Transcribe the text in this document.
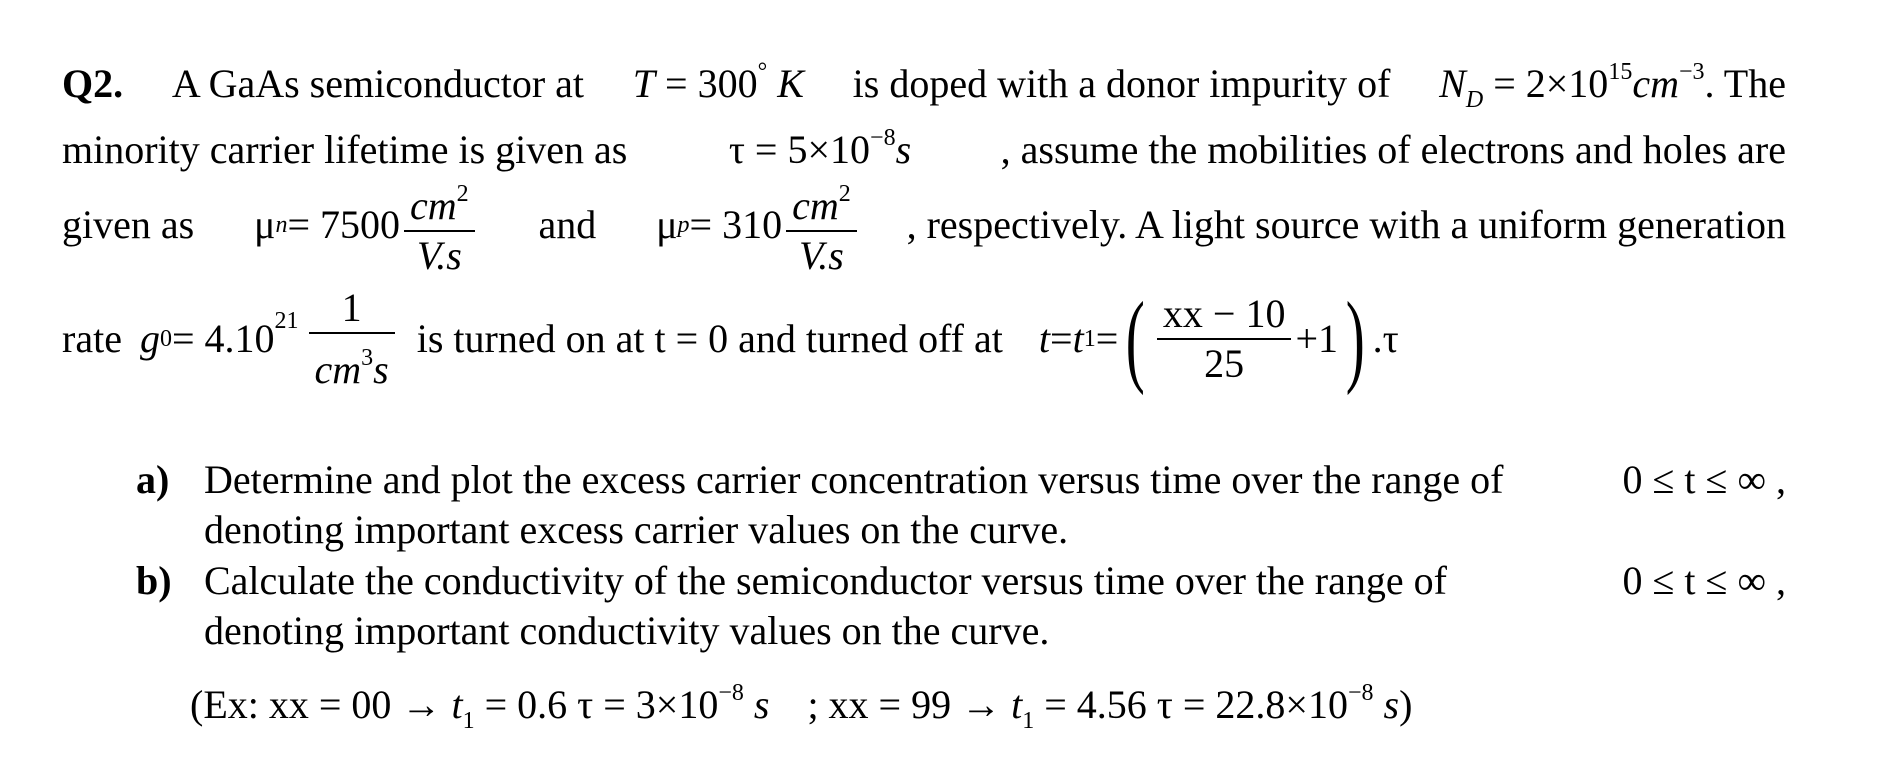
Q2. A GaAs semiconductor at T = 300° K is doped with a donor impurity of $N_D = 2\times 10^{15}cm^{-3}$. The
minority carrier lifetime is given as	$\tau = 5\times 10^{-8}s$ , assume the mobilities of electrons and holes are
given as μ $n = 7500 \frac{cm^2}{V.s}$ and μ $p = 310 \frac{cm^2}{V.s}$ , respectively. A light source with a uniform generation
rate g 0 = 4.10 $21 \frac{1}{cm^3s}$ is turned on at t = 0 and turned off at t = t 1 = ( $\frac{xx - 10}{25} +1$ ) .τ
a) Determine and plot the excess carrier concentration versus time over the range of	0 ≤ t ≤ ∞ ,
denoting important excess carrier values on the curve.
b) Calculate the conductivity of the semiconductor versus time over the range of	0 ≤ t ≤ ∞ ,
denoting important conductivity values on the curve.
(Ex: xx = $00 \to t_1 = 0.6$ $\tau = 3\times 10^{-8}$ s ; xx = $99 \to t_1 = 4.56$ $\tau = 22.8\times 10^{-8}$ s)
